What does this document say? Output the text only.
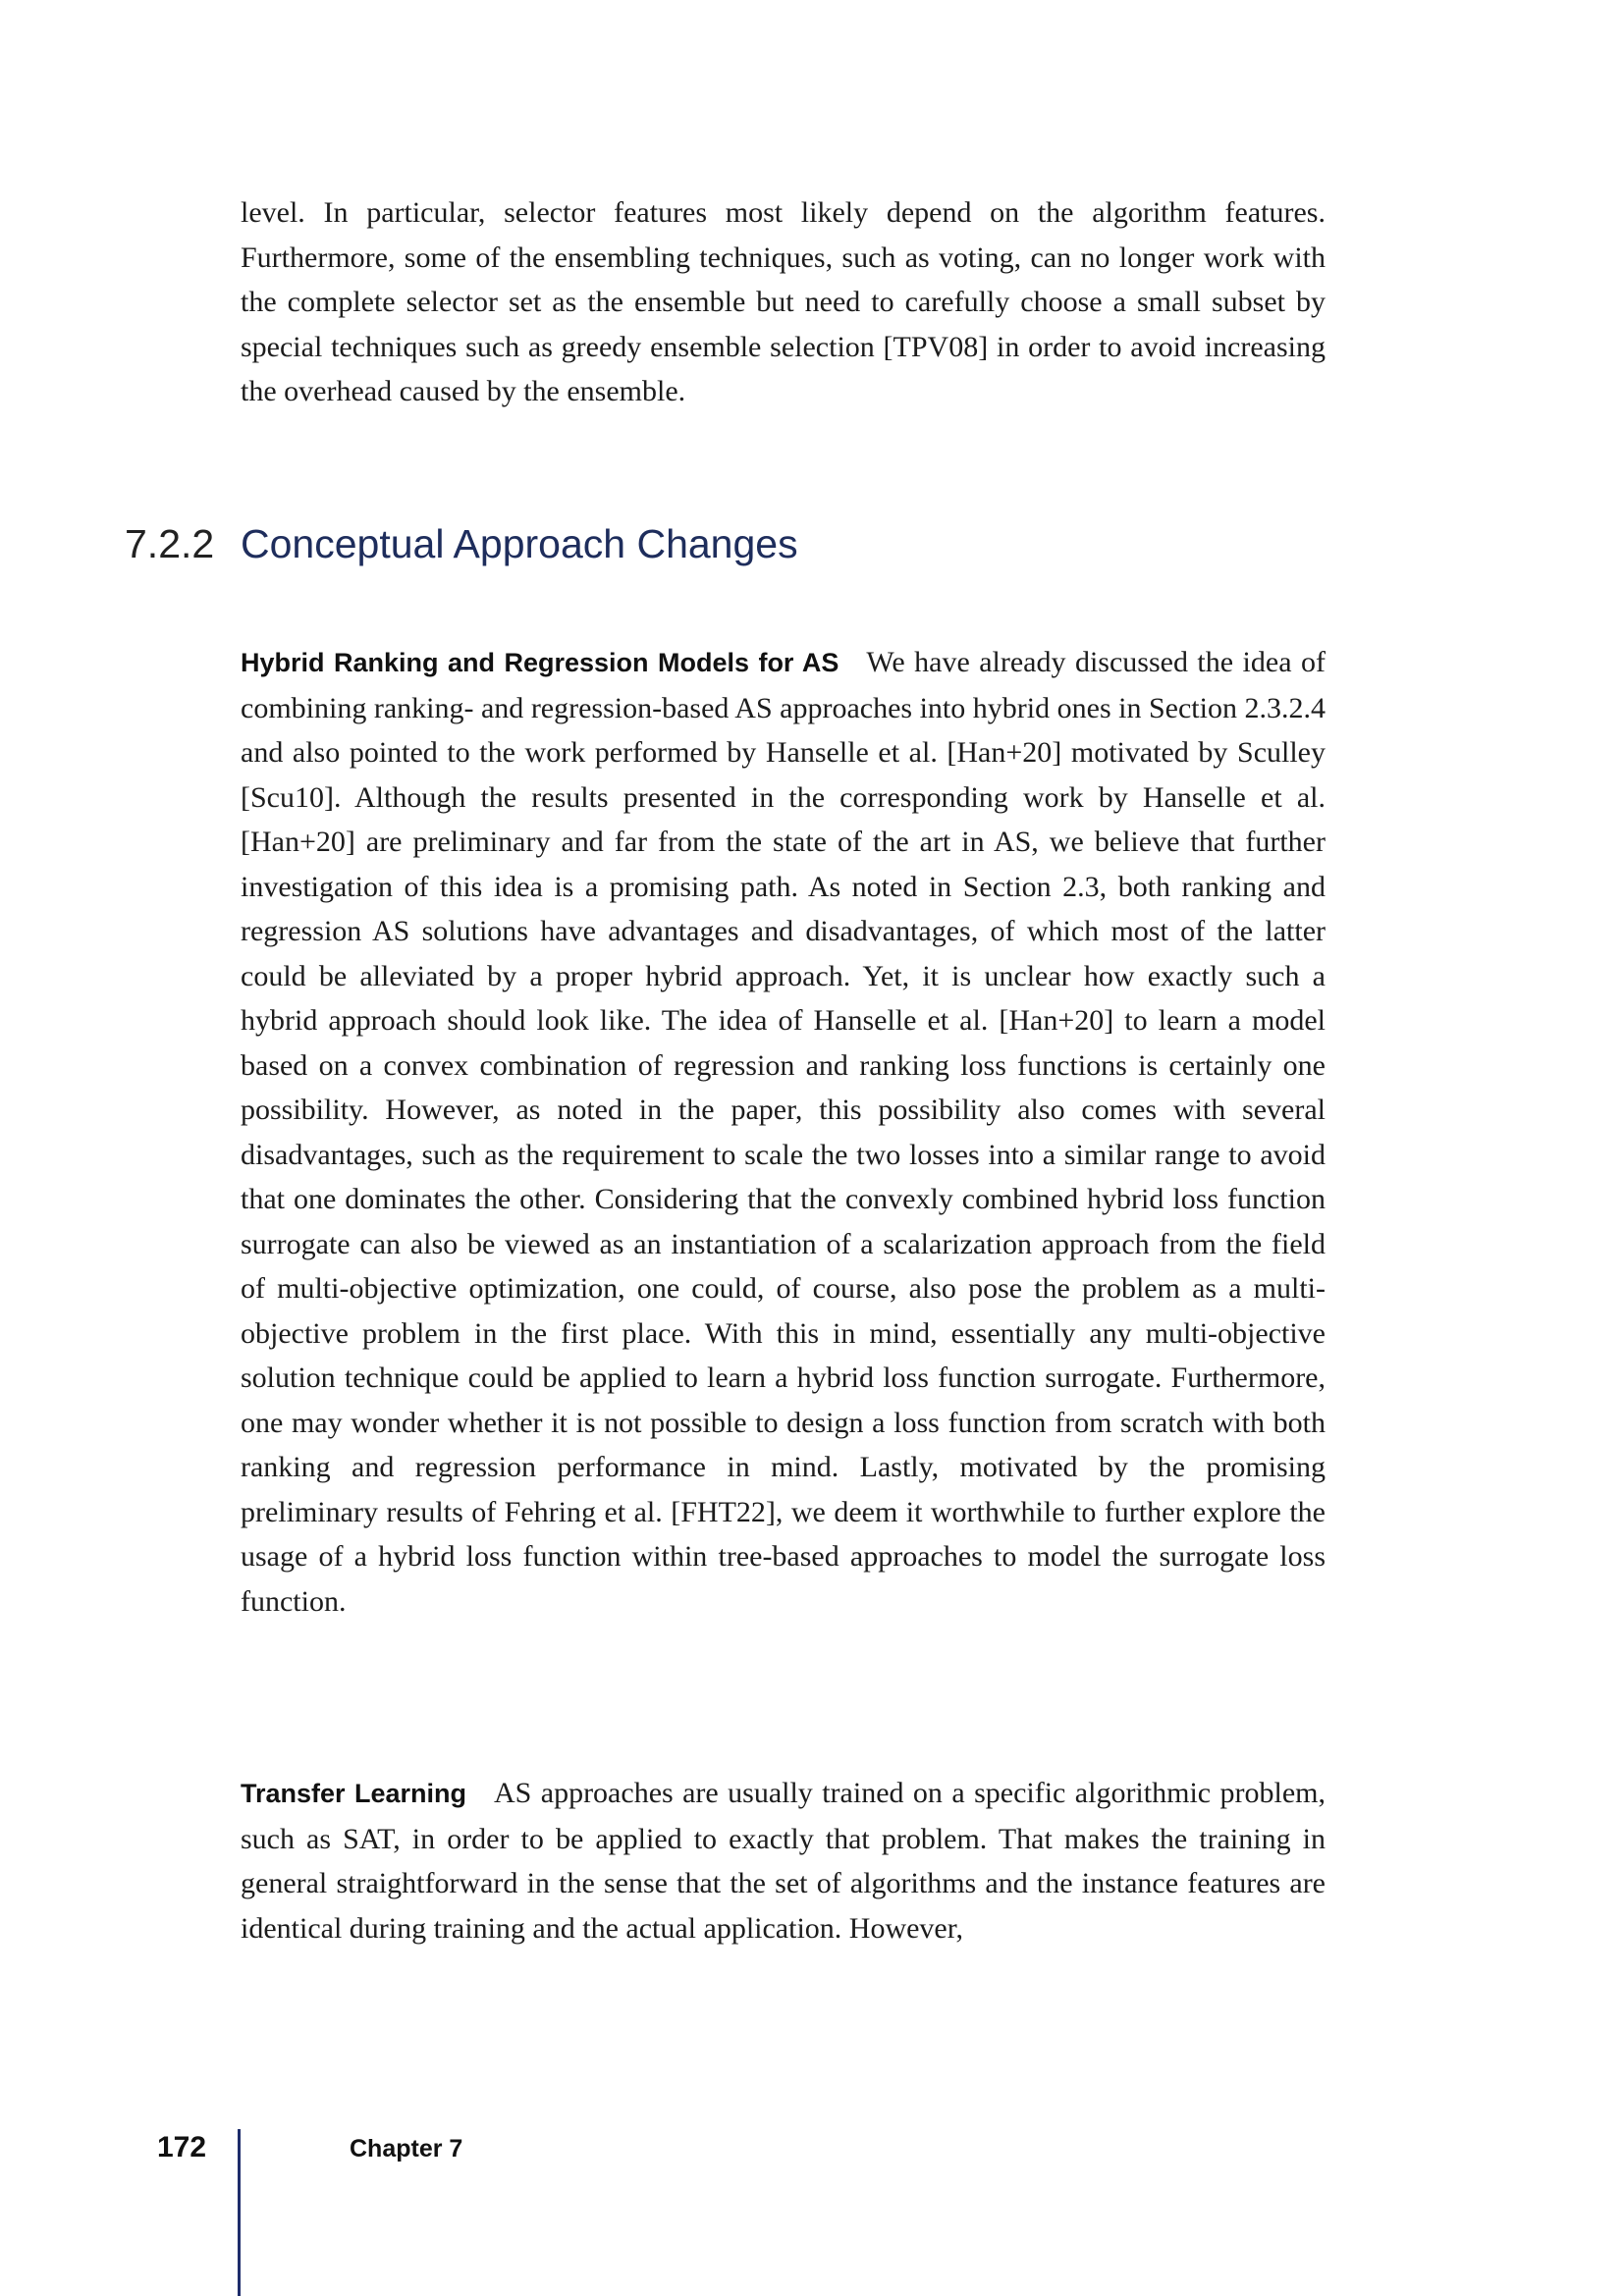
level. In particular, selector features most likely depend on the algorithm features. Furthermore, some of the ensembling techniques, such as voting, can no longer work with the complete selector set as the ensemble but need to carefully choose a small subset by special techniques such as greedy ensemble selection [TPV08] in order to avoid increasing the overhead caused by the ensemble.

7.2.2 Conceptual Approach Changes

Hybrid Ranking and Regression Models for AS We have already discussed the idea of combining ranking- and regression-based AS approaches into hybrid ones in Section 2.3.2.4 and also pointed to the work performed by Hanselle et al. [Han+20] motivated by Sculley [Scu10]. Although the results presented in the corresponding work by Hanselle et al. [Han+20] are preliminary and far from the state of the art in AS, we believe that further investigation of this idea is a promising path. As noted in Section 2.3, both ranking and regression AS solutions have advantages and disadvantages, of which most of the latter could be alleviated by a proper hybrid approach. Yet, it is unclear how exactly such a hybrid approach should look like. The idea of Hanselle et al. [Han+20] to learn a model based on a convex combination of regression and ranking loss functions is certainly one possibility. However, as noted in the paper, this possibility also comes with several disadvantages, such as the requirement to scale the two losses into a similar range to avoid that one dominates the other. Considering that the convexly combined hybrid loss function surrogate can also be viewed as an instantiation of a scalarization approach from the field of multi-objective optimization, one could, of course, also pose the problem as a multi-objective problem in the first place. With this in mind, essentially any multi-objective solution technique could be applied to learn a hybrid loss function surrogate. Furthermore, one may wonder whether it is not possible to design a loss function from scratch with both ranking and regression performance in mind. Lastly, motivated by the promising preliminary results of Fehring et al. [FHT22], we deem it worthwhile to further explore the usage of a hybrid loss function within tree-based approaches to model the surrogate loss function.

Transfer Learning AS approaches are usually trained on a specific algorithmic problem, such as SAT, in order to be applied to exactly that problem. That makes the training in general straightforward in the sense that the set of algorithms and the instance features are identical during training and the actual application. However,

172	Chapter 7
